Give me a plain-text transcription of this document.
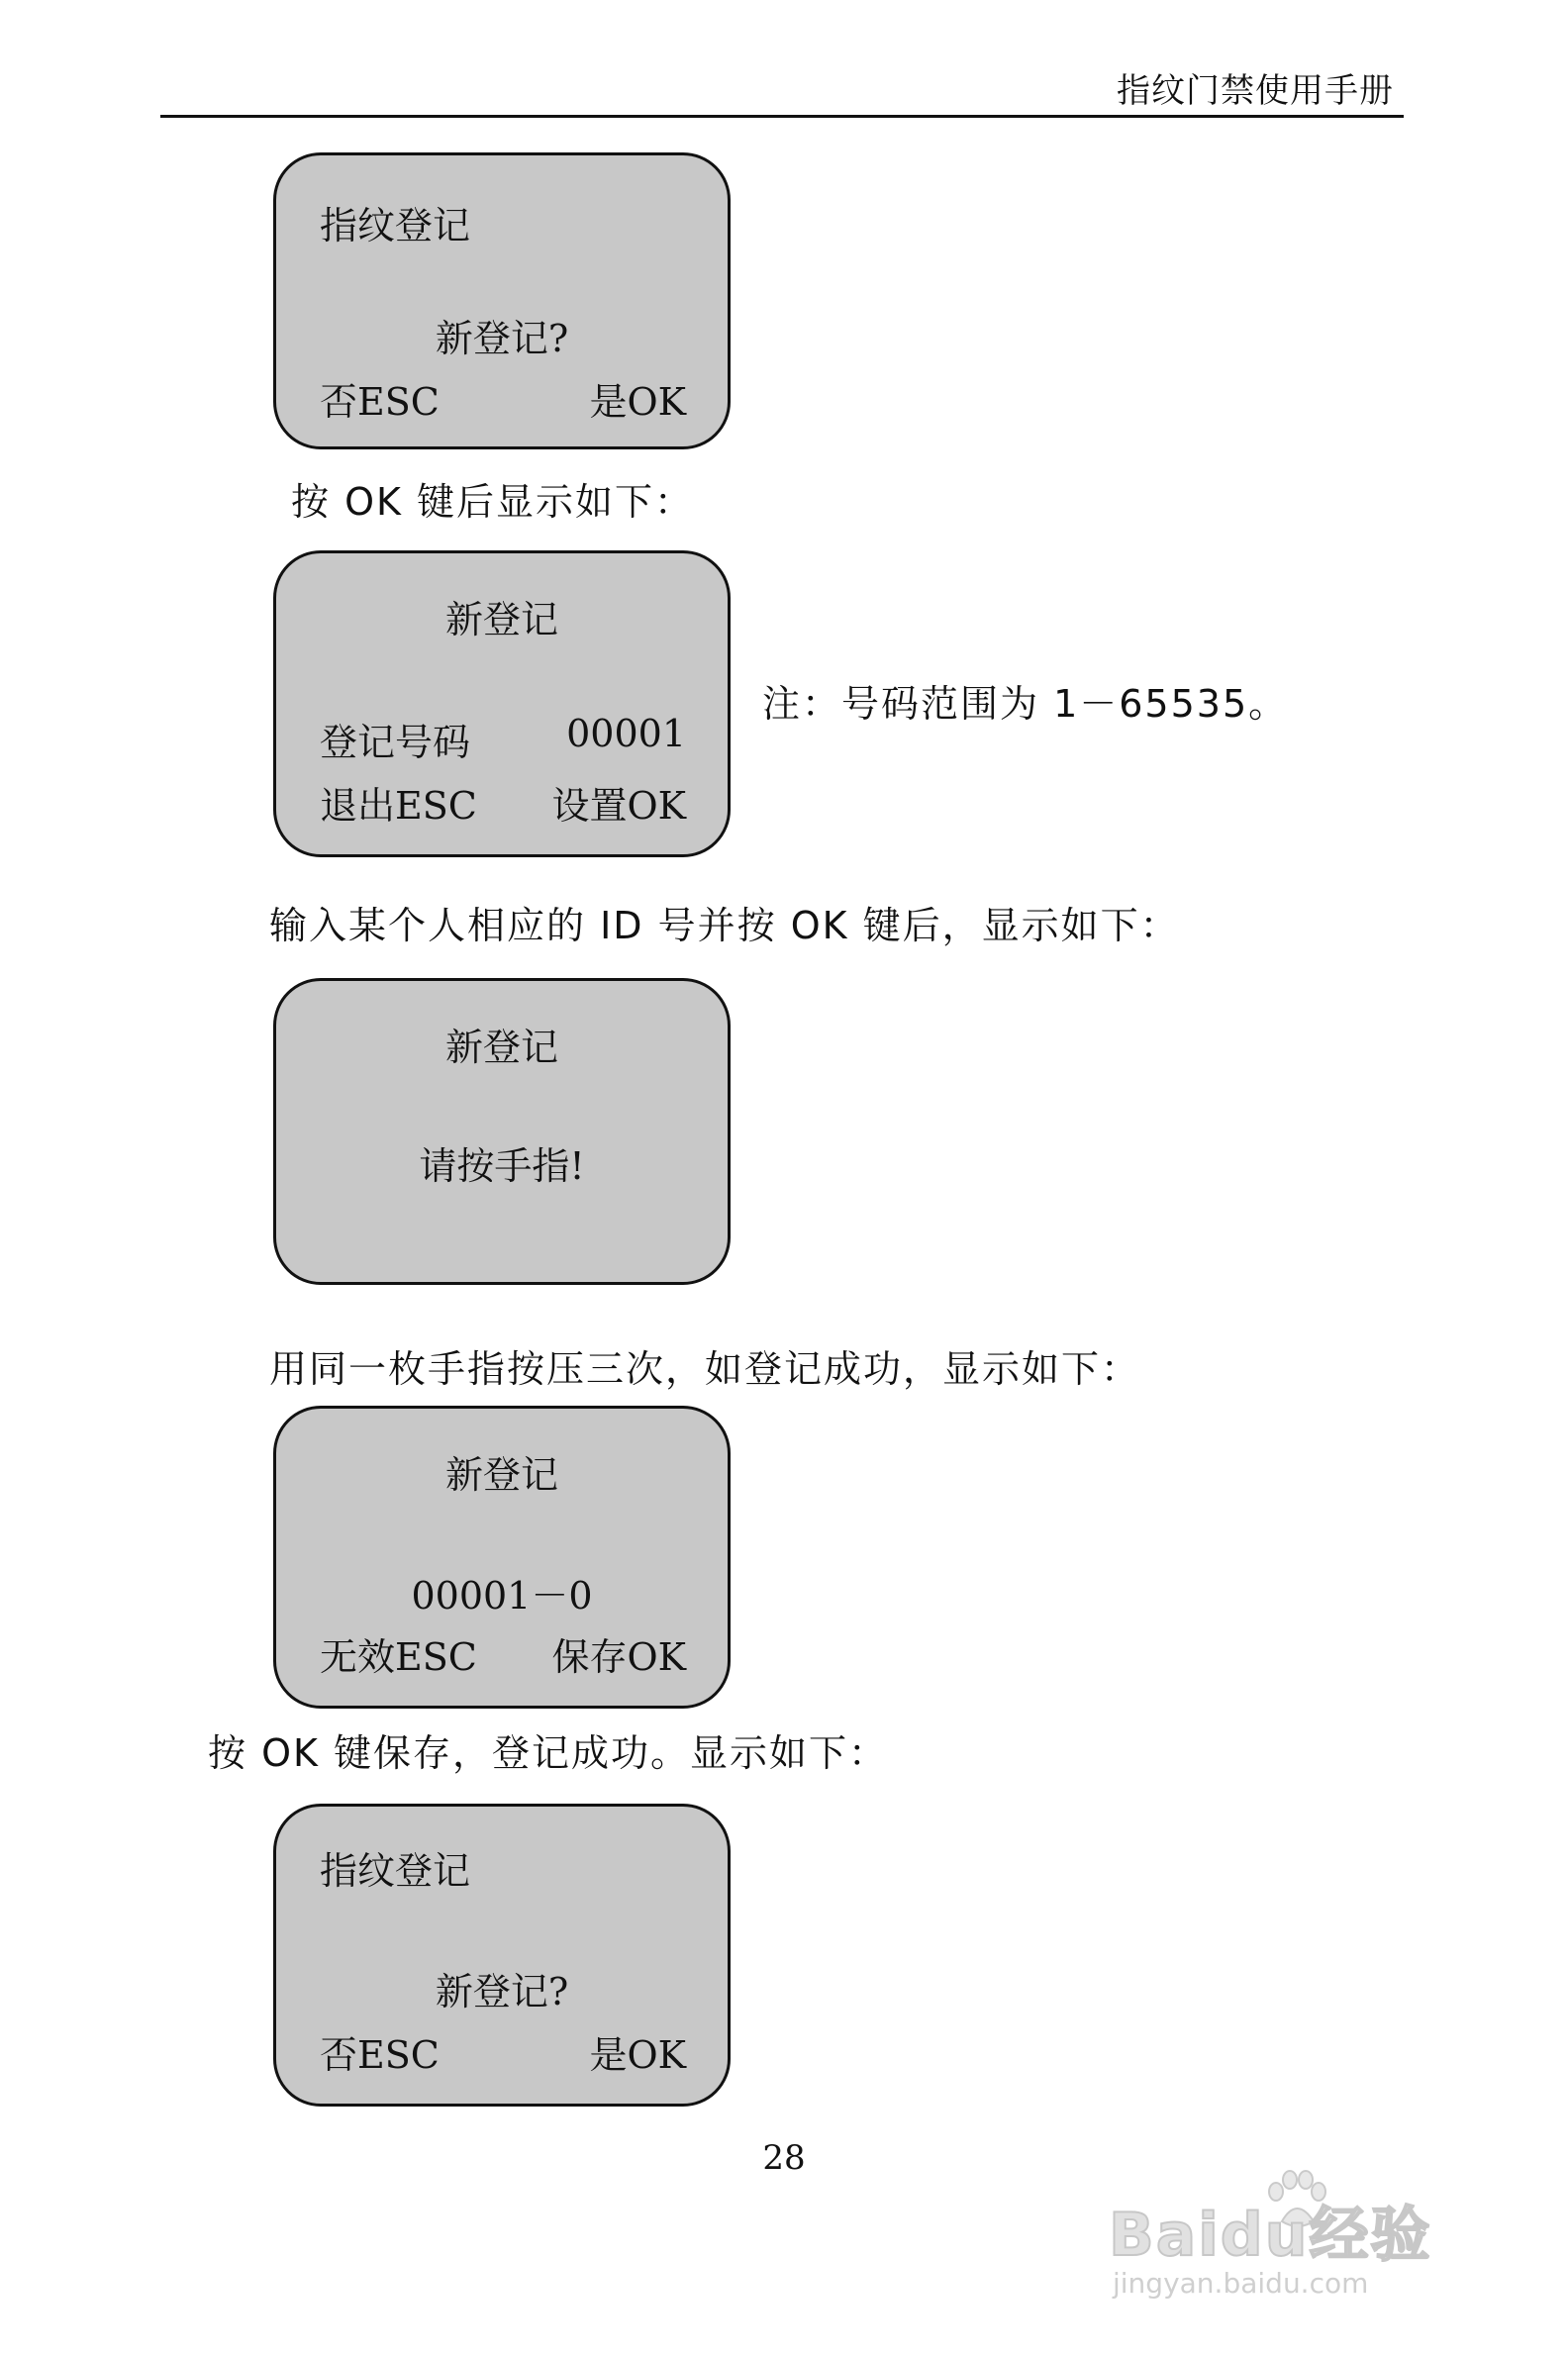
指纹门禁使用手册
指纹登记
新登记?
否ESC	是OK
按 OK 键后显示如下：
新登记
登记号码	00001
退出ESC 设置OK
注：号码范围为 1－65535。
输入某个人相应的 ID 号并按 OK 键后，显示如下：
新登记
请按手指!
用同一枚手指按压三次，如登记成功，显示如下：
新登记
00001－0
无效ESC 保存OK
按 OK 键保存，登记成功。显示如下：
指纹登记
新登记?
否ESC	是OK
28
Baidu经验
jingyan.baidu.com
